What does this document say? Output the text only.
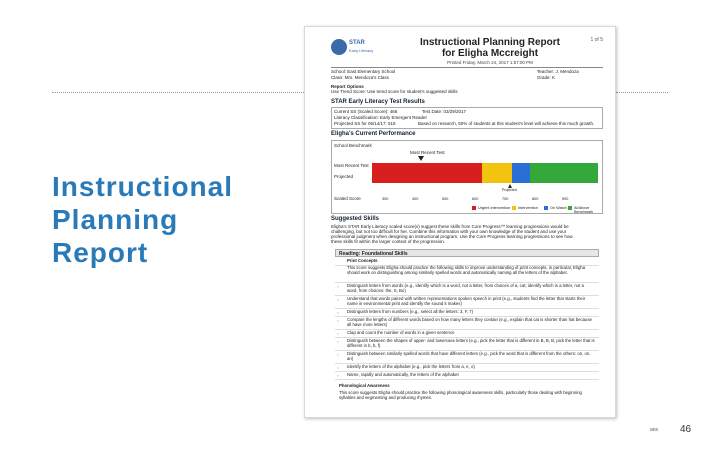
Instructional
Planning
Report
ans 46
STAR
Early Literacy
1 of 5
Instructional Planning Report
for Eligha Mccreight
Printed Friday, March 24, 2017 1:57:00 PM
School: East Elementary School	Teacher: J. Mendoza
Class: Mrs. Mendoza's Class	Grade: K
Report Options
Use Trend Score: Use trend score for student's suggested skills
STAR Early Literacy Test Results
Current SS (Scaled Score): 466	Test Date: 03/29/2017
Literacy Classification: Early Emergent Reader
Projected SS for 06/14/17: 518	Based on research, 50% of students at this student's level will achieve this much growth.
Eligha's Current Performance
School Benchmark
Most Recent Test
Most Recent Test
Projected
Projected
Scaled Score	300	400	500	600	700	800	900
Urgent Intervention Intervention	On Watch At/Above Benchmark
Suggested Skills
Eligha's STAR Early Literacy scaled score(s) suggest these skills from Core Progress™ learning progressions would be
challenging, but not too difficult for her. Combine this information with your own knowledge of the student and use your
professional judgment when designing an instructional program. Use the Core Progress learning progressions to see how
these skills fit within the larger context of the progression.
Reading: Foundational Skills
Print Concepts
This score suggests Eligha should practice the following skills to improve understanding of print concepts, in particular, Eligha should work on distinguishing among similarly spelled words and automatically naming all the letters of the alphabet.
▫ Distinguish letters from words (e.g., identify which is a word, not a letter, from choices of a, cat; identify which is a letter, not a word, from choices: the, S, Bo)
▫ Understand that words paired with written representations spoken speech in print (e.g., students find the letter that starts their name in environmental print and identify the sound it makes)
▫ Distinguish letters from numbers (e.g., select all the letters: 3, F, 7)
▫ Compare the lengths of different words based on how many letters they contain (e.g., explain that cat is shorter than hat because all have more letters)
▫ Clap and count the number of words in a given sentence
▫ Distinguish between the shapes of upper- and lowercase letters (e.g., pick the letter that is different in B, B, B, pick the letter that is different in b, b, f)
▫ Distinguish between similarly spelled words that have different letters (e.g., pick the word that is different from the others: on, on, an)
▫ Identify the letters of the alphabet (e.g., pick the letters from a, e, o)
▫ Name, rapidly and automatically, the letters of the alphabet
Phonological Awareness
This score suggests Eligha should practice the following phonological awareness skills, particularly those dealing with beginning syllables and segmenting and producing rhymes.
